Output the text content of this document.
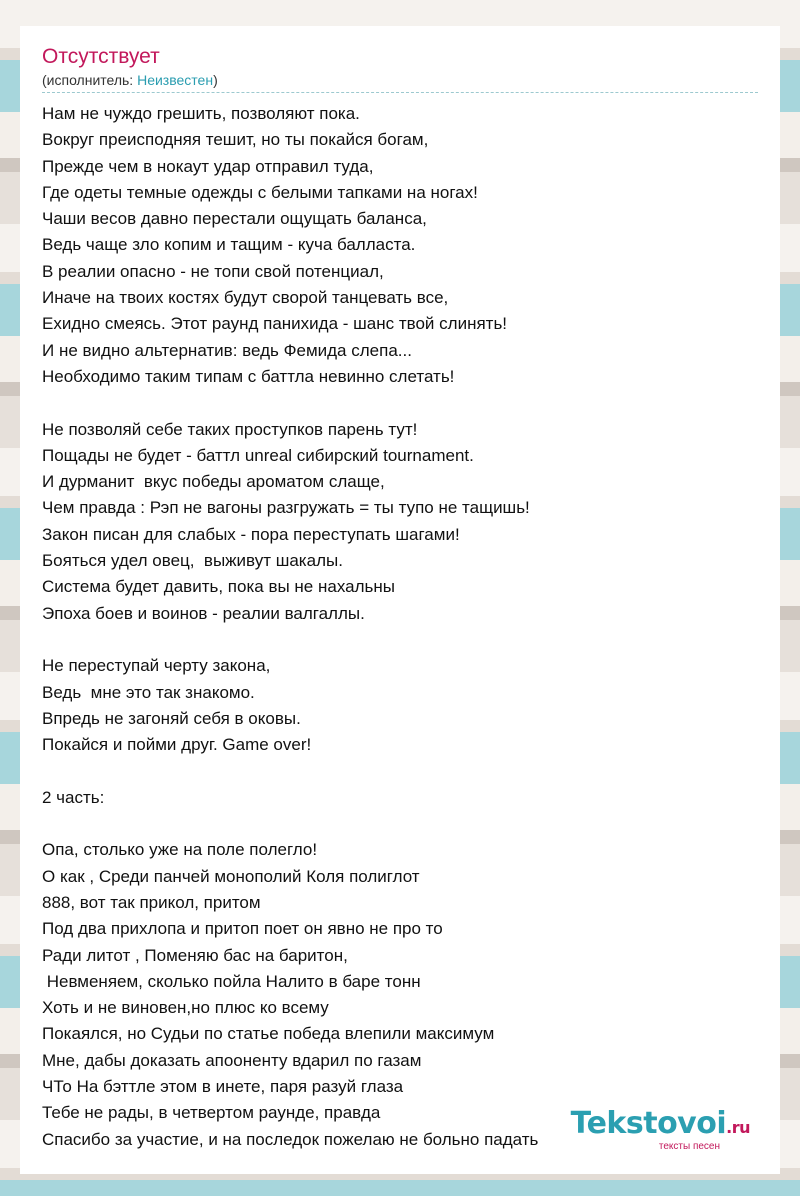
Отсутствует
(исполнитель: Неизвестен)
Нам не чуждо грешить, позволяют пока.
Вокруг преисподняя тешит, но ты покайся богам,
Прежде чем в нокаут удар отправил туда,
Где одеты темные одежды с белыми тапками на ногах!
Чаши весов давно перестали ощущать баланса,
Ведь чаще зло копим и тащим - куча балласта.
В реалии опасно - не топи свой потенциал,
Иначе на твоих костях будут сворой танцевать все,
Ехидно смеясь. Этот раунд панихида - шанс твой слинять!
И не видно альтернатив: ведь Фемида слепа...
Необходимо таким типам с баттла невинно слетать!
Не позволяй себе таких проступков парень тут!
Пощады не будет - баттл unreal сибирский tournament.
И дурманит  вкус победы ароматом слаще,
Чем правда : Рэп не вагоны разгружать = ты тупо не тащишь!
Закон писан для слабых - пора переступать шагами!
Бояться удел овец,  выживут шакалы.
Система будет давить, пока вы не нахальны
Эпоха боев и воинов - реалии валгаллы.
Не переступай черту закона,
Ведь  мне это так знакомо.
Впредь не загоняй себя в оковы.
Покайся и пойми друг. Game over!
2 часть:
Опа, столько уже на поле полегло!
О как , Среди панчей монополий Коля полиглот
888, вот так прикол, притом
Под два прихлопа и притоп поет он явно не про то
Ради литот , Поменяю бас на баритон,
Невменяем, сколько пойла Налито в баре тонн
Хоть и не виновен,но плюс ко всему
Покаялся, но Судьи по статье победа влепили максимум
Мне, дабы доказать апооненту вдарил по газам
ЧТо На бэттле этом в инете, паря разуй глаза
Тебе не рады, в четвертом раунде, правда
Спасибо за участие, и на последок пожелаю не больно падать	Tekstovoi.ru
тексты песен
